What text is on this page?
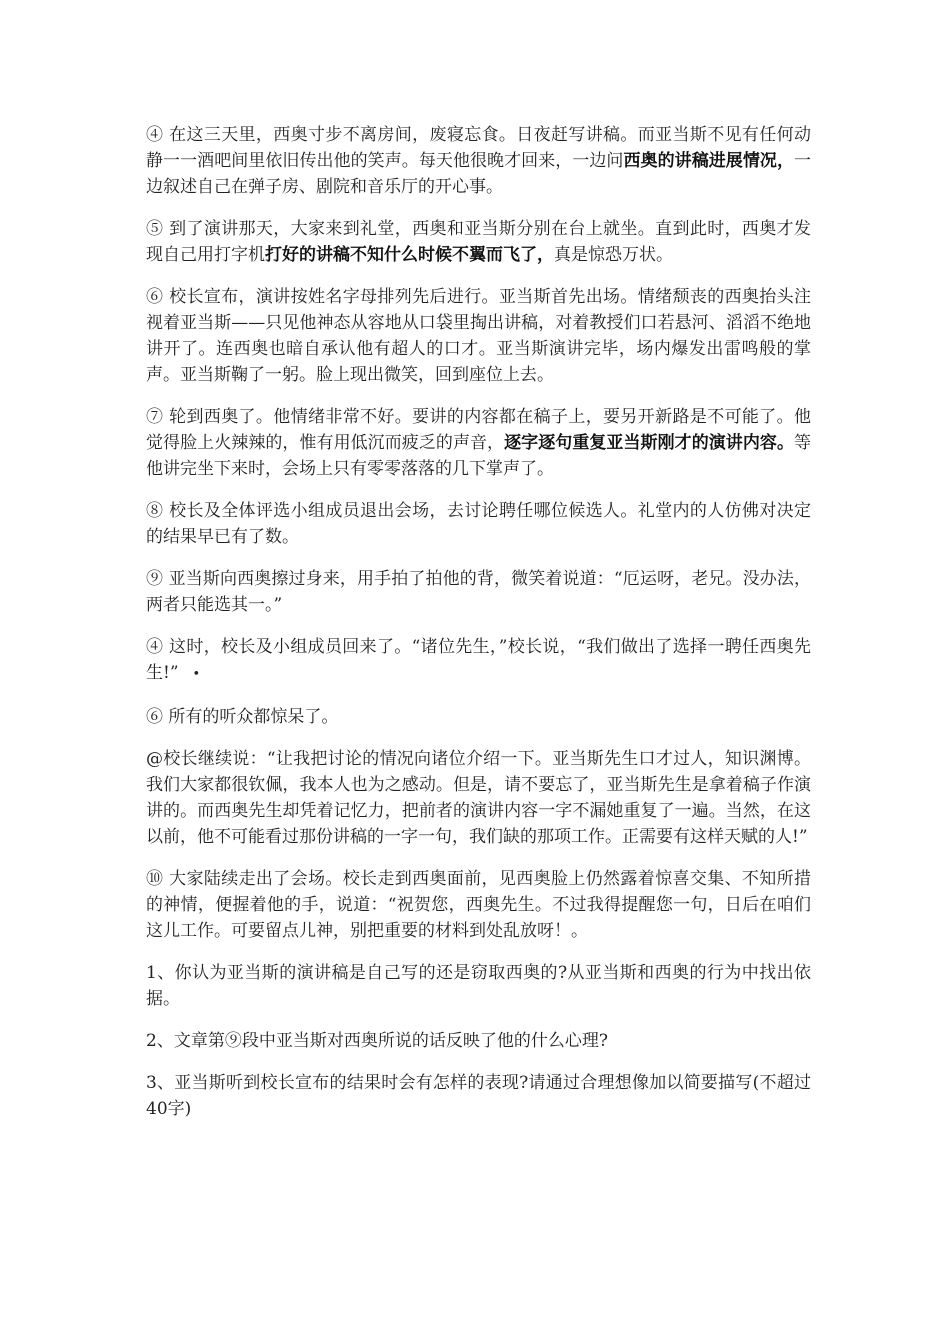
④ 在这三天里，西奥寸步不离房间，废寝忘食。日夜赶写讲稿。而亚当斯不见有任何动静一一酒吧间里依旧传出他的笑声。每天他很晚才回来，一边问西奥的讲稿进展情况，一边叙述自己在弹子房、剧院和音乐厅的开心事。

⑤ 到了演讲那天，大家来到礼堂，西奥和亚当斯分别在台上就坐。直到此时，西奥才发现自己用打字机打好的讲稿不知什么时候不翼而飞了，真是惊恐万状。

⑥ 校长宣布，演讲按姓名字母排列先后进行。亚当斯首先出场。情绪颓丧的西奥抬头注视着亚当斯——只见他神态从容地从口袋里掏出讲稿，对着教授们口若悬河、滔滔不绝地讲开了。连西奥也暗自承认他有超人的口才。亚当斯演讲完毕，场内爆发出雷鸣般的掌声。亚当斯鞠了一躬。脸上现出微笑，回到座位上去。

⑦ 轮到西奥了。他情绪非常不好。要讲的内容都在稿子上，要另开新路是不可能了。他觉得脸上火辣辣的，惟有用低沉而疲乏的声音，逐字逐句重复亚当斯刚才的演讲内容。等他讲完坐下来时，会场上只有零零落落的几下掌声了。

⑧ 校长及全体评选小组成员退出会场，去讨论聘任哪位候选人。礼堂内的人仿佛对决定的结果早已有了数。

⑨ 亚当斯向西奥擦过身来，用手拍了拍他的背，微笑着说道：“厄运呀，老兄。没办法，两者只能选其一。”

④ 这时，校长及小组成员回来了。“诸位先生，”校长说，“我们做出了选择一聘任西奥先生!” •

⑥ 所有的听众都惊呆了。

@校长继续说：“让我把讨论的情况向诸位介绍一下。亚当斯先生口才过人，知识渊博。我们大家都很钦佩，我本人也为之感动。但是，请不要忘了，亚当斯先生是拿着稿子作演讲的。而西奥先生却凭着记忆力，把前者的演讲内容一字不漏她重复了一遍。当然，在这以前，他不可能看过那份讲稿的一字一句，我们缺的那项工作。正需要有这样天赋的人!”

⑩ 大家陆续走出了会场。校长走到西奥面前，见西奥脸上仍然露着惊喜交集、不知所措的神情，便握着他的手，说道：“祝贺您，西奥先生。不过我得提醒您一句，日后在咱们这儿工作。可要留点儿神，别把重要的材料到处乱放呀！。

1、你认为亚当斯的演讲稿是自己写的还是窃取西奥的?从亚当斯和西奥的行为中找出依据。

2、文章第⑨段中亚当斯对西奥所说的话反映了他的什么心理?

3、亚当斯听到校长宣布的结果时会有怎样的表现?请通过合理想像加以简要描写(不超过40字)
